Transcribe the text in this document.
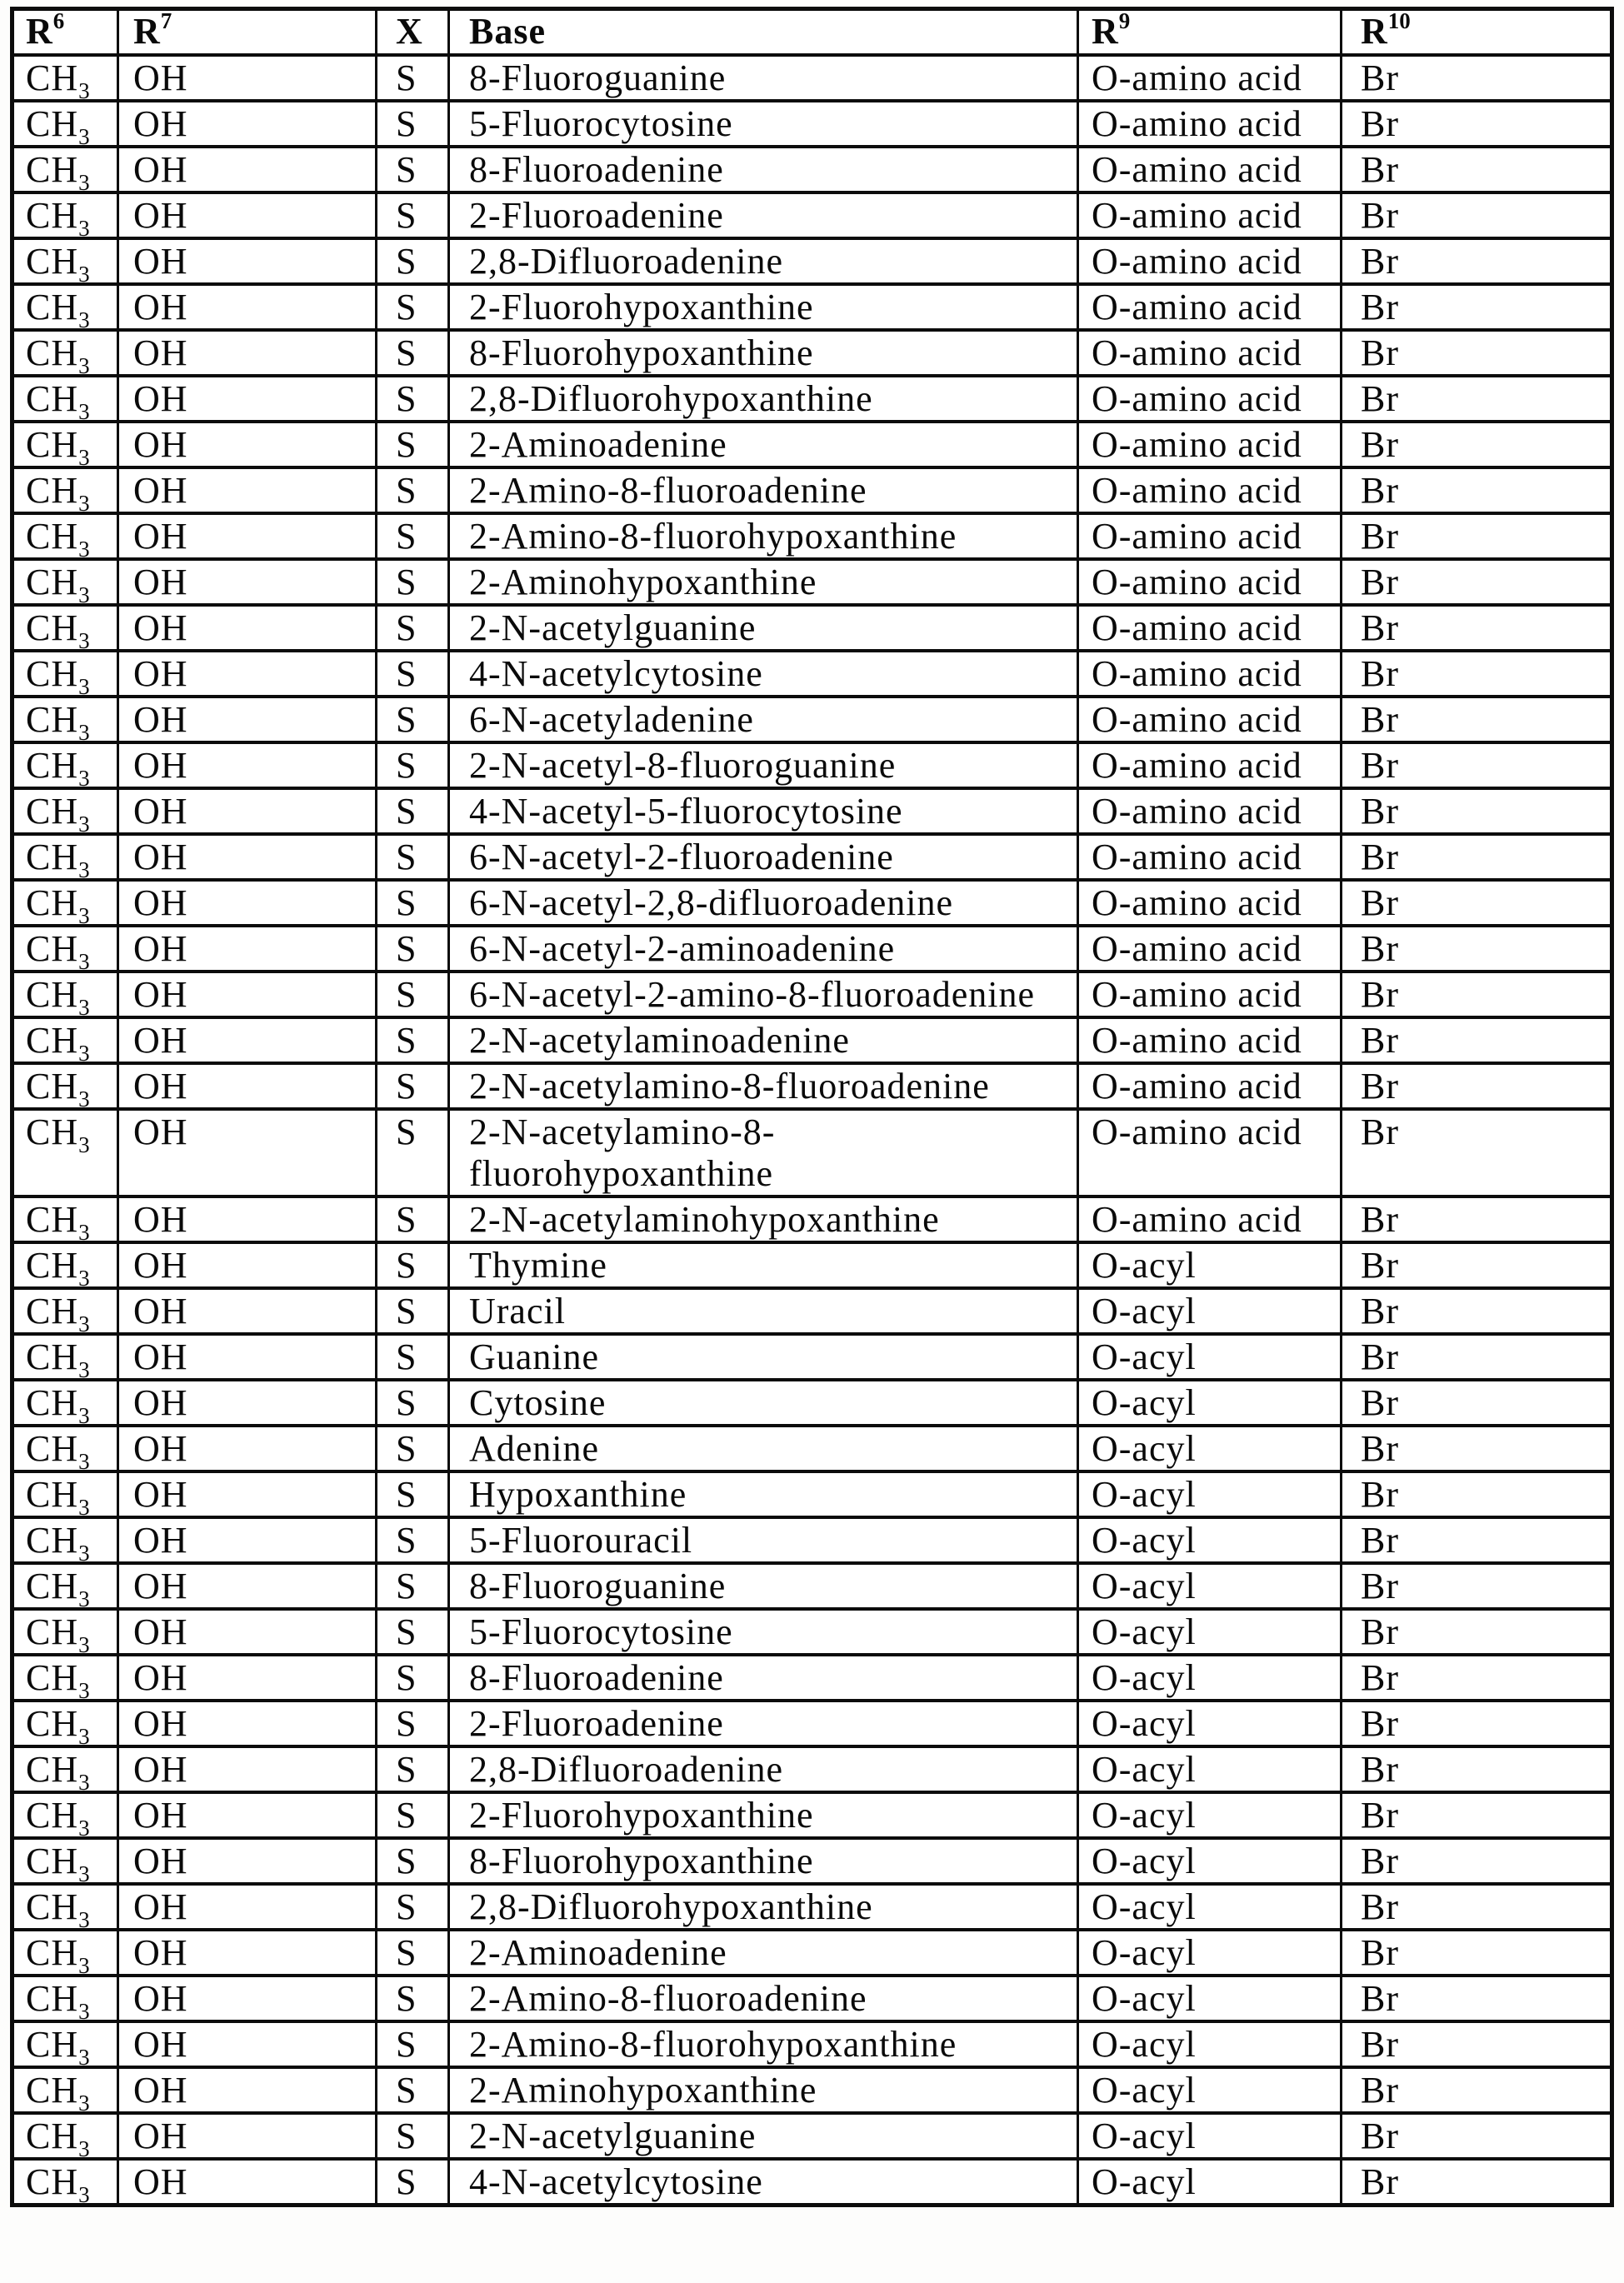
$R^6$	$R^7$	X	Base	$R^9$	$R^{10}$
$CH_3$	OH	S	8-Fluoroguanine	O-amino acid	Br
$CH_3$	OH	S	5-Fluorocytosine	O-amino acid	Br
$CH_3$	OH	S	8-Fluoroadenine	O-amino acid	Br
$CH_3$	OH	S	2-Fluoroadenine	O-amino acid	Br
$CH_3$	OH	S	2,8-Difluoroadenine	O-amino acid	Br
$CH_3$	OH	S	2-Fluorohypoxanthine	O-amino acid	Br
$CH_3$	OH	S	8-Fluorohypoxanthine	O-amino acid	Br
$CH_3$	OH	S	2,8-Difluorohypoxanthine	O-amino acid	Br
$CH_3$	OH	S	2-Aminoadenine	O-amino acid	Br
$CH_3$	OH	S	2-Amino-8-fluoroadenine	O-amino acid	Br
$CH_3$	OH	S	2-Amino-8-fluorohypoxanthine	O-amino acid	Br
$CH_3$	OH	S	2-Aminohypoxanthine	O-amino acid	Br
$CH_3$	OH	S	2-N-acetylguanine	O-amino acid	Br
$CH_3$	OH	S	4-N-acetylcytosine	O-amino acid	Br
$CH_3$	OH	S	6-N-acetyladenine	O-amino acid	Br
$CH_3$	OH	S	2-N-acetyl-8-fluoroguanine	O-amino acid	Br
$CH_3$	OH	S	4-N-acetyl-5-fluorocytosine	O-amino acid	Br
$CH_3$	OH	S	6-N-acetyl-2-fluoroadenine	O-amino acid	Br
$CH_3$	OH	S	6-N-acetyl-2,8-difluoroadenine	O-amino acid	Br
$CH_3$	OH	S	6-N-acetyl-2-aminoadenine	O-amino acid	Br
$CH_3$	OH	S	6-N-acetyl-2-amino-8-fluoroadenine	O-amino acid	Br
$CH_3$	OH	S	2-N-acetylaminoadenine	O-amino acid	Br
$CH_3$	OH	S	2-N-acetylamino-8-fluoroadenine	O-amino acid	Br
$CH_3$	OH	S	2-N-acetylamino-8-
fluorohypoxanthine	O-amino acid	Br
$CH_3$	OH	S	2-N-acetylaminohypoxanthine	O-amino acid	Br
$CH_3$	OH	S	Thymine	O-acyl	Br
$CH_3$	OH	S	Uracil	O-acyl	Br
$CH_3$	OH	S	Guanine	O-acyl	Br
$CH_3$	OH	S	Cytosine	O-acyl	Br
$CH_3$	OH	S	Adenine	O-acyl	Br
$CH_3$	OH	S	Hypoxanthine	O-acyl	Br
$CH_3$	OH	S	5-Fluorouracil	O-acyl	Br
$CH_3$	OH	S	8-Fluoroguanine	O-acyl	Br
$CH_3$	OH	S	5-Fluorocytosine	O-acyl	Br
$CH_3$	OH	S	8-Fluoroadenine	O-acyl	Br
$CH_3$	OH	S	2-Fluoroadenine	O-acyl	Br
$CH_3$	OH	S	2,8-Difluoroadenine	O-acyl	Br
$CH_3$	OH	S	2-Fluorohypoxanthine	O-acyl	Br
$CH_3$	OH	S	8-Fluorohypoxanthine	O-acyl	Br
$CH_3$	OH	S	2,8-Difluorohypoxanthine	O-acyl	Br
$CH_3$	OH	S	2-Aminoadenine	O-acyl	Br
$CH_3$	OH	S	2-Amino-8-fluoroadenine	O-acyl	Br
$CH_3$	OH	S	2-Amino-8-fluorohypoxanthine	O-acyl	Br
$CH_3$	OH	S	2-Aminohypoxanthine	O-acyl	Br
$CH_3$	OH	S	2-N-acetylguanine	O-acyl	Br
$CH_3$	OH	S	4-N-acetylcytosine	O-acyl	Br
